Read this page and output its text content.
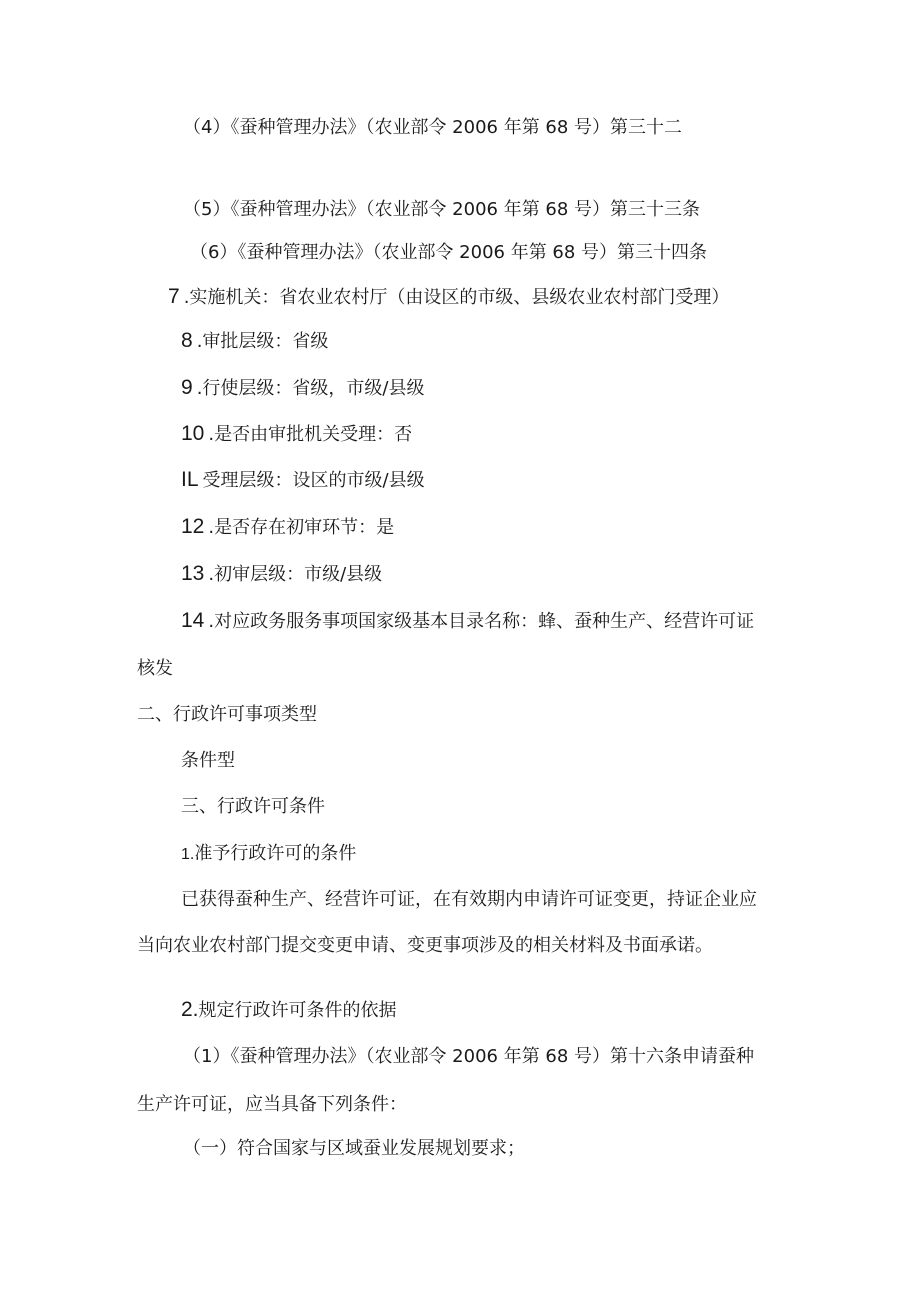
（4）《蚕种管理办法》（农业部令 2006 年第 68 号）第三十二
（5）《蚕种管理办法》（农业部令 2006 年第 68 号）第三十三条
（6）《蚕种管理办法》（农业部令 2006 年第 68 号）第三十四条
7 .实施机关：省农业农村厅（由设区的市级、县级农业农村部门受理）
8 .审批层级：省级
9 .行使层级：省级，市级/县级
10 .是否由审批机关受理：否
IL 受理层级：设区的市级/县级
12 .是否存在初审环节：是
13 .初审层级：市级/县级
14 .对应政务服务事项国家级基本目录名称：蜂、蚕种生产、经营许可证
核发
二、行政许可事项类型
条件型
三、行政许可条件
1.准予行政许可的条件
已获得蚕种生产、经营许可证，在有效期内申请许可证变更，持证企业应
当向农业农村部门提交变更申请、变更事项涉及的相关材料及书面承诺。
2.规定行政许可条件的依据
（1）《蚕种管理办法》（农业部令 2006 年第 68 号）第十六条申请蚕种
生产许可证，应当具备下列条件：
（一）符合国家与区域蚕业发展规划要求；
